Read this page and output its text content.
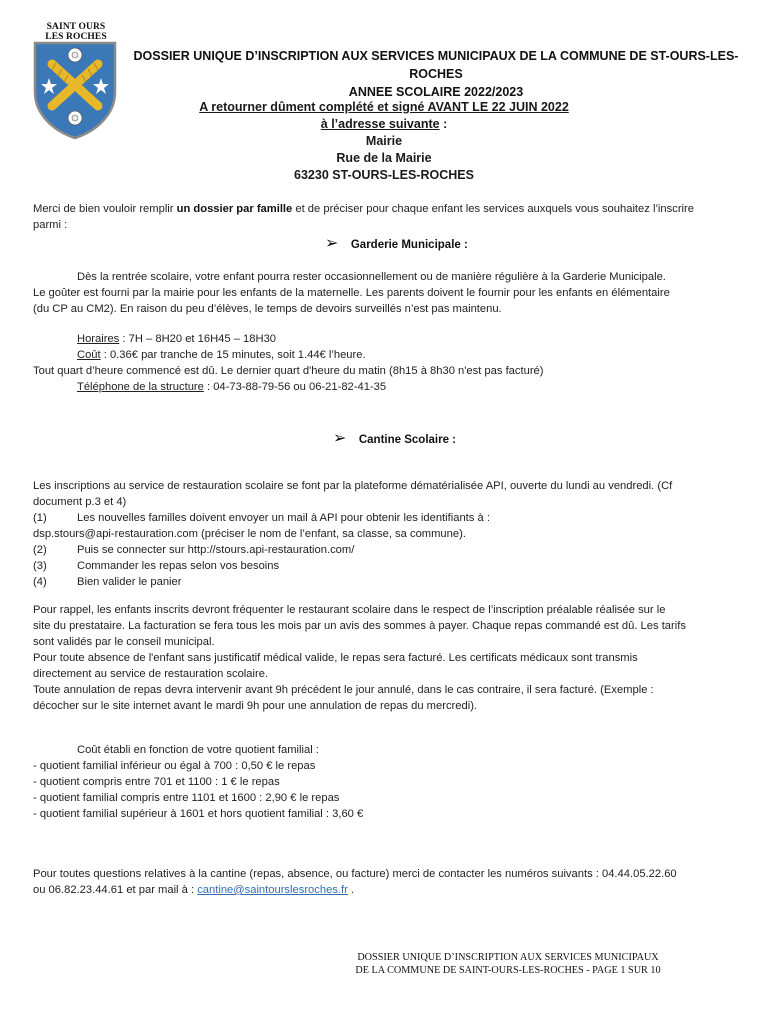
SAINT OURS
LES ROCHES
DOSSIER UNIQUE D’INSCRIPTION AUX SERVICES MUNICIPAUX DE LA COMMUNE DE ST-OURS-LES-ROCHES
ANNEE SCOLAIRE 2022/2023
A retourner dûment complété et signé AVANT LE 22 JUIN 2022
à l’adresse suivante :
Mairie
Rue de la Mairie
63230 ST-OURS-LES-ROCHES
Merci de bien vouloir remplir un dossier par famille et de préciser pour chaque enfant les services auxquels vous souhaitez l’inscrire
parmi :
➢ Garderie Municipale :
Dès la rentrée scolaire, votre enfant pourra rester occasionnellement ou de manière régulière à la Garderie Municipale.
Le goûter est fourni par la mairie pour les enfants de la maternelle. Les parents doivent le fournir pour les enfants en élémentaire
(du CP au CM2). En raison du peu d’élèves, le temps de devoirs surveillés n’est pas maintenu.
Horaires : 7H – 8H20 et 16H45 – 18H30
Coût : 0.36€ par tranche de 15 minutes, soit 1.44€ l’heure.
Tout quart d’heure commencé est dû. Le dernier quart d'heure du matin (8h15 à 8h30 n'est pas facturé)
Téléphone de la structure : 04-73-88-79-56 ou 06-21-82-41-35
➢ Cantine Scolaire :
Les inscriptions au service de restauration scolaire se font par la plateforme dématérialisée API, ouverte du lundi au vendredi. (Cf
document p.3 et 4)
(1)	Les nouvelles familles doivent envoyer un mail à API pour obtenir les identifiants à :
dsp.stours@api-restauration.com (préciser le nom de l’enfant, sa classe, sa commune).
(2)	Puis se connecter sur http://stours.api-restauration.com/
(3)	Commander les repas selon vos besoins
(4)	Bien valider le panier
Pour rappel, les enfants inscrits devront fréquenter le restaurant scolaire dans le respect de l’inscription préalable réalisée sur le
site du prestataire. La facturation se fera tous les mois par un avis des sommes à payer. Chaque repas commandé est dû. Les tarifs
sont validés par le conseil municipal.
Pour toute absence de l'enfant sans justificatif médical valide, le repas sera facturé. Les certificats médicaux sont transmis
directement au service de restauration scolaire.
Toute annulation de repas devra intervenir avant 9h précédent le jour annulé, dans le cas contraire, il sera facturé. (Exemple :
décocher sur le site internet avant le mardi 9h pour une annulation de repas du mercredi).
Coût établi en fonction de votre quotient familial :
- quotient familial inférieur ou égal à 700 : 0,50 € le repas
- quotient compris entre 701 et 1100 : 1 € le repas
- quotient familial compris entre 1101 et 1600 : 2,90 € le repas
- quotient familial supérieur à 1601 et hors quotient familial : 3,60 €
Pour toutes questions relatives à la cantine (repas, absence, ou facture) merci de contacter les numéros suivants : 04.44.05.22.60
ou 06.82.23.44.61 et par mail à : cantine@saintourslesroches.fr .
DOSSIER UNIQUE D’INSCRIPTION AUX SERVICES MUNICIPAUX
DE LA COMMUNE DE SAINT-OURS-LES-ROCHES - PAGE 1 SUR 10
